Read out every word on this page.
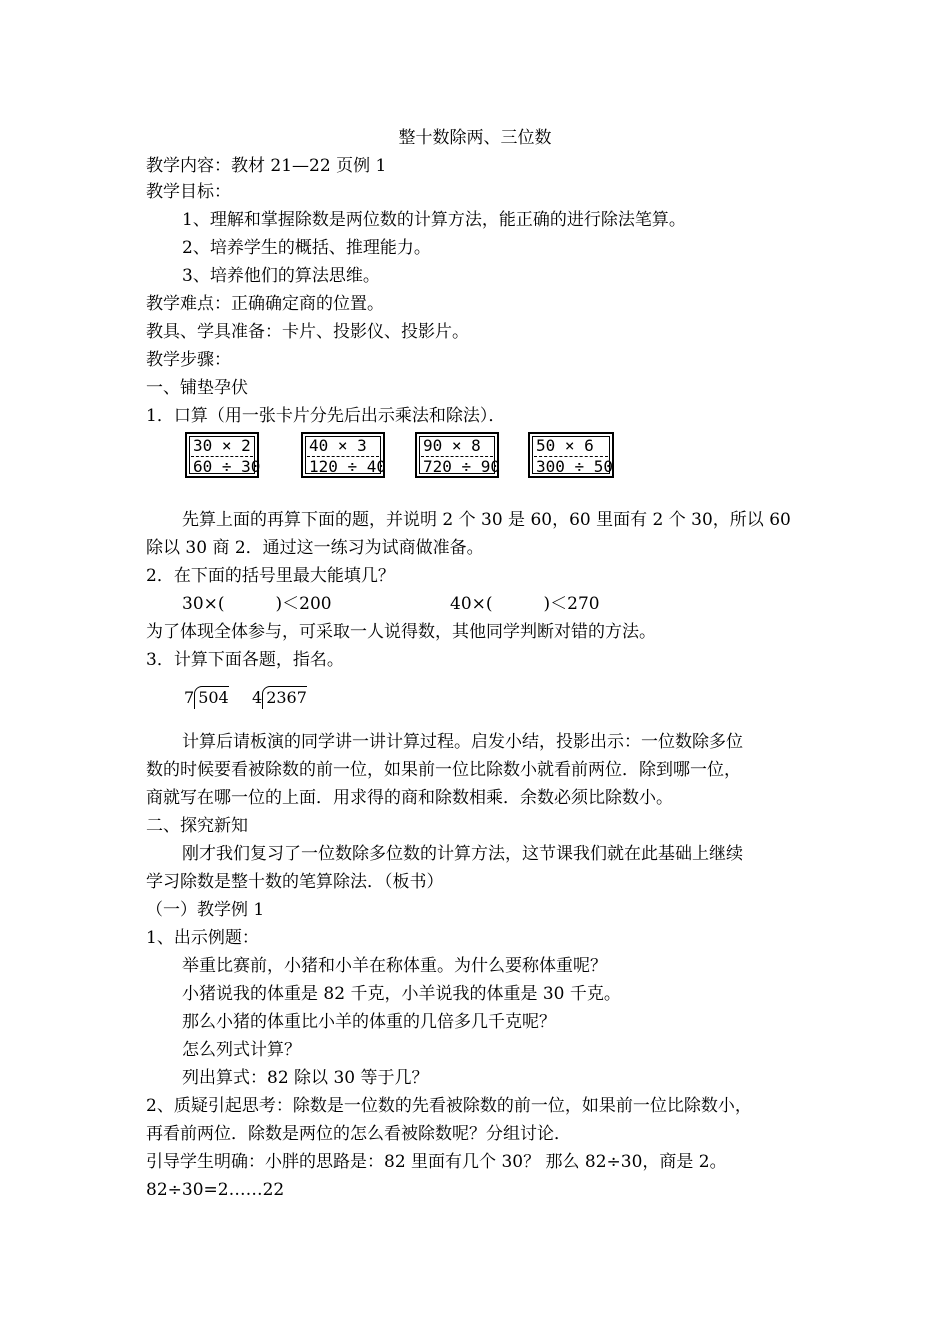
整十数除两、三位数
教学内容：教材 21—22 页例 1
教学目标：
1、理解和掌握除数是两位数的计算方法，能正确的进行除法笔算。
2、培养学生的概括、推理能力。
3、培养他们的算法思维。
教学难点：正确确定商的位置。
教具、学具准备：卡片、投影仪、投影片。
教学步骤：
一、铺垫孕伏
1．口算（用一张卡片分先后出示乘法和除法）．
30 × 2
60 ÷ 30
40 × 3
120 ÷ 40
90 × 8
720 ÷ 90
50 × 6
300 ÷ 50
先算上面的再算下面的题，并说明 2 个 30 是 60，60 里面有 2 个 30，所以 60
除以 30 商 2．通过这一练习为试商做准备。
2．在下面的括号里最大能填几？
30×(　　　)＜200	40×(　　　)＜270
为了体现全体参与，可采取一人说得数，其他同学判断对错的方法。
3．计算下面各题，指名。
7 504 4 2367
计算后请板演的同学讲一讲计算过程。启发小结，投影出示：一位数除多位
数的时候要看被除数的前一位，如果前一位比除数小就看前两位．除到哪一位，
商就写在哪一位的上面．用求得的商和除数相乘．余数必须比除数小。
二、探究新知
刚才我们复习了一位数除多位数的计算方法，这节课我们就在此基础上继续
学习除数是整十数的笔算除法．（板书）
（一）教学例 1
1、出示例题：
举重比赛前，小猪和小羊在称体重。为什么要称体重呢？
小猪说我的体重是 82 千克，小羊说我的体重是 30 千克。
那么小猪的体重比小羊的体重的几倍多几千克呢？
怎么列式计算？
列出算式：82 除以 30 等于几？
2、质疑引起思考：除数是一位数的先看被除数的前一位，如果前一位比除数小，
再看前两位．除数是两位的怎么看被除数呢？分组讨论．
引导学生明确：小胖的思路是：82 里面有几个 30？ 那么 82÷30，商是 2。
82÷30=2……22
